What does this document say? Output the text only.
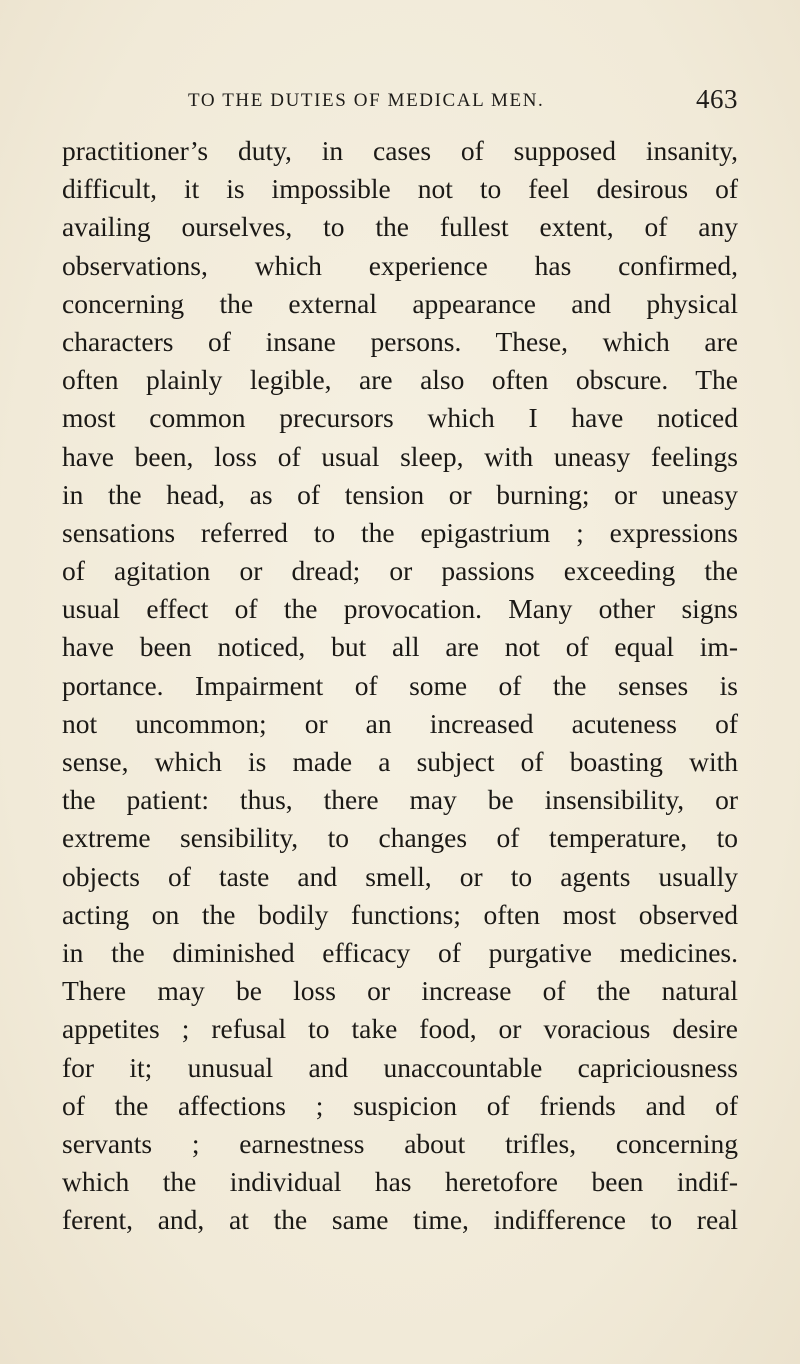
TO THE DUTIES OF MEDICAL MEN.	463
practitioner’s duty, in cases of supposed insanity,
difficult, it is impossible not to feel desirous of
availing ourselves, to the fullest extent, of any
observations, which experience has confirmed,
concerning the external appearance and physical
characters of insane persons. These, which are
often plainly legible, are also often obscure. The
most common precursors which I have noticed
have been, loss of usual sleep, with uneasy feelings
in the head, as of tension or burning; or uneasy
sensations referred to the epigastrium ; expressions
of agitation or dread; or passions exceeding the
usual effect of the provocation. Many other signs
have been noticed, but all are not of equal im-
portance. Impairment of some of the senses is
not uncommon; or an increased acuteness of
sense, which is made a subject of boasting with
the patient: thus, there may be insensibility, or
extreme sensibility, to changes of temperature, to
objects of taste and smell, or to agents usually
acting on the bodily functions; often most observed
in the diminished efficacy of purgative medicines.
There may be loss or increase of the natural
appetites ; refusal to take food, or voracious desire
for it; unusual and unaccountable capriciousness
of the affections ; suspicion of friends and of
servants ; earnestness about trifles, concerning
which the individual has heretofore been indif-
ferent, and, at the same time, indifference to real
